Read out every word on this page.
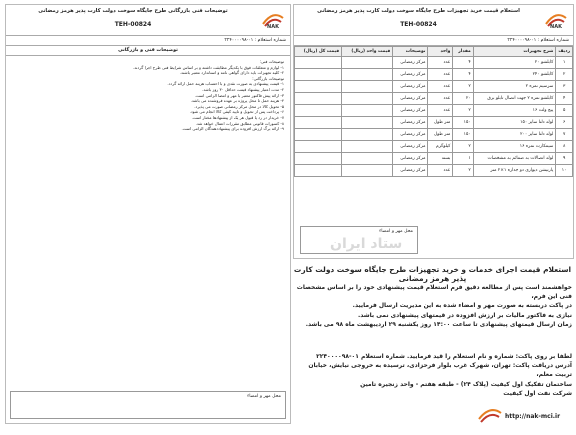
استعلام قیمت خرید تجهیزات طرح جایگاه سوخت دولت کارت پذیر هرمز رمضانی
TEH-00824	NAK
شماره استعلام : ۰۱-۲۲۴۰۰۰۰۹۸
ردیف	شرح تجهیزات	مقدار	واحد	توضیحات	قیمت واحد (ریال)	قیمت کل (ریال)
۱	کابلشو ۲۰	۴	عدد	مرکز رمضانی		
۲	کابلشو ۲۴۰	۴	عدد	مرکز رمضانی		
۳	سرسیم نمره ۲	۲	عدد	مرکز رمضانی		
۴	کابلشو نمره ۲ جهت اتصال تابلو برق	۲۰	عدد	مرکز رمضانی		
۵	پیچ ولت ۱۶	۲	عدد	مرکز رمضانی		
۶	لوله دلتا سایز ۱۵۰	۱۵۰	متر طول	مرکز رمضانی		
۷	لوله دلتا سایز ۲۰۰	۱۵۰	متر طول	مرکز رمضانی		
۸	سیمکارت نمره ۱۶	۲	کیلوگرم	مرکز رمضانی		
۹	لوله اتصالات به ضمائم به مشخصات	۱	بسته	مرکز رمضانی		
۱۰	پارتیشن دیواری دو جداره ۱×۲ متر	۲	عدد	مرکز رمضانی		
محل مهر و امضاء
ستاد ایران
توضیحات فنی بازرگانی طرح جایگاه سوخت دولت کارت پذیر هرمز رمضانی
TEH-00824	NAK
شماره استعلام : ۰۱-۲۲۴۰۰۰۰۹۸
توضیحات فنی و بازرگانی
توضیحات فنی:
۱- لوازم و متعلقات فوق با یکدیگر مطابقت داشته و بر اساس شرایط فنی طرح اجرا گردند.
۲- کلیه تجهیزات باید دارای گواهی نامه و استاندارد معتبر باشند.
توضیحات بازرگانی:
۱- قیمت پیشنهادی به صورت نقدی و با احتساب هزینه حمل ارائه گردد.
۲- مدت اعتبار پیشنهاد قیمت حداقل ۳۰ روز باشد.
۳- ارائه پیش فاکتور معتبر با مهر و امضا الزامی است.
۴- هزینه حمل تا محل پروژه بر عهده فروشنده می باشد.
۵- تحویل کالا در محل مرکز رمضانی صورت می پذیرد.
۶- پرداخت پس از تحویل و تایید کیفی کالا انجام می شود.
۷- خریدار در رد یا قبول هر یک از پیشنهادها مختار است.
۸- کسورات قانونی مطابق مقررات اعمال خواهد شد.
۹- ارائه برگ ارزش افزوده برای پیشنهاددهندگان الزامی است.
محل مهر و امضاء
استعلام قیمت اجرای خدمات و خرید تجهیزات طرح جایگاه سوخت دولت کارت پذیر هرمز رمضانی
خواهشمند است پس از مطالعه دقیق فرم استعلام قیمت پیشنهادی خود را بر اساس مشخصات فنی این فرم،
در پاکت دربسته به صورت مهر و امضاء شده به این مدیریت ارسال فرمایید.
نیازی به فاکتور مالیات بر ارزش افزوده در قیمتهای پیشنهادی نمی باشد.
زمان ارسال قیمتهای پیشنهادی تا ساعت ۱۴:۰۰ روز یکشنبه ۲۹ اردیبهشت ماه ۹۸ می باشد.
لطفا بر روی پاکت: شماره و نام استعلام را قید فرمایید. شماره استعلام ۰۱-۲۲۴۰۰۰۰۹۸
آدرس دریافت پاکت: تهران، شهرک غرب بلوار فرحزادی، ترسیده به خروجی نیایش، خیابان تربیت معلم،
ساختمان تفکیک اول کیفیت (پلاک ۲۴) - طبقه هفتم - واحد زنجیره تامین
شرکت نفت اول کیفیت
http://nak-mci.ir
